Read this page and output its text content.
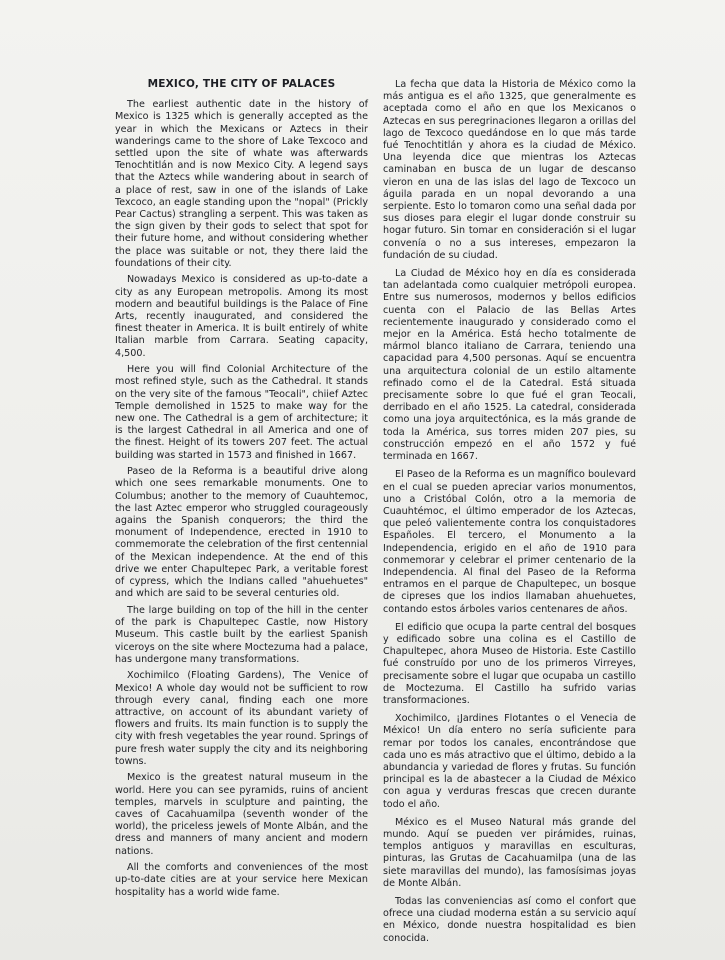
MEXICO, THE CITY OF PALACES

The earliest authentic date in the history of Mexico is 1325 which is generally accepted as the year in which the Mexicans or Aztecs in their wanderings came to the shore of Lake Texcoco and settled upon the site of whate was afterwards Tenochtitlán and is now Mexico City. A legend says that the Aztecs while wandering about in search of a place of rest, saw in one of the islands of Lake Texcoco, an eagle standing upon the "nopal" (Prickly Pear Cactus) strangling a serpent. This was taken as the sign given by their gods to select that spot for their future home, and without considering whether the place was suitable or not, they there laid the foundations of their city.

Nowadays Mexico is considered as up-to-date a city as any European metropolis. Among its most modern and beautiful buildings is the Palace of Fine Arts, recently inaugurated, and considered the finest theater in America. It is built entirely of white Italian marble from Carrara. Seating capacity, 4,500.

Here you will find Colonial Architecture of the most refined style, such as the Cathedral. It stands on the very site of the famous "Teocali", chiief Aztec Temple demolished in 1525 to make way for the new one. The Cathedral is a gem of architecture; it is the largest Cathedral in all America and one of the finest. Height of its towers 207 feet. The actual building was started in 1573 and finished in 1667.

Paseo de la Reforma is a beautiful drive along which one sees remarkable monuments. One to Columbus; another to the memory of Cuauhtemoc, the last Aztec emperor who struggled courageously agains the Spanish conquerors; the third the monument of Independence, erected in 1910 to commemorate the celebration of the first centennial of the Mexican independence. At the end of this drive we enter Chapultepec Park, a veritable forest of cypress, which the Indians called "ahuehuetes" and which are said to be several centuries old.

The large building on top of the hill in the center of the park is Chapultepec Castle, now History Museum. This castle built by the earliest Spanish viceroys on the site where Moctezuma had a palace, has undergone many transformations.

Xochimilco (Floating Gardens), The Venice of Mexico! A whole day would not be sufficient to row through every canal, finding each one more attractive, on account of its abundant variety of flowers and fruits. Its main function is to supply the city with fresh vegetables the year round. Springs of pure fresh water supply the city and its neighboring towns.

Mexico is the greatest natural museum in the world. Here you can see pyramids, ruins of ancient temples, marvels in sculpture and painting, the caves of Cacahuamilpa (seventh wonder of the world), the priceless jewels of Monte Albán, and the dress and manners of many ancient and modern nations.

All the comforts and conveniences of the most up-to-date cities are at your service here Mexican hospitality has a world wide fame.

La fecha que data la Historia de México como la más antigua es el año 1325, que generalmente es aceptada como el año en que los Mexicanos o Aztecas en sus peregrinaciones llegaron a orillas del lago de Texcoco quedándose en lo que más tarde fué Tenochtitlán y ahora es la ciudad de México. Una leyenda dice que mientras los Aztecas caminaban en busca de un lugar de descanso vieron en una de las islas del lago de Texcoco un águila parada en un nopal devorando a una serpiente. Esto lo tomaron como una señal dada por sus dioses para elegir el lugar donde construir su hogar futuro. Sin tomar en consideración si el lugar convenía o no a sus intereses, empezaron la fundación de su ciudad.

La Ciudad de México hoy en día es considerada tan adelantada como cualquier metrópoli europea. Entre sus numerosos, modernos y bellos edificios cuenta con el Palacio de las Bellas Artes recientemente inaugurado y considerado como el mejor en la América. Está hecho totalmente de mármol blanco italiano de Carrara, teniendo una capacidad para 4,500 personas. Aquí se encuentra una arquitectura colonial de un estilo altamente refinado como el de la Catedral. Está situada precisamente sobre lo que fué el gran Teocali, derribado en el año 1525. La catedral, considerada como una joya arquitectónica, es la más grande de toda la América, sus torres miden 207 pies, su construcción empezó en el año 1572 y fué terminada en 1667.

El Paseo de la Reforma es un magnífico boulevard en el cual se pueden apreciar varios monumentos, uno a Cristóbal Colón, otro a la memoria de Cuauhtémoc, el último emperador de los Aztecas, que peleó valientemente contra los conquistadores Españoles. El tercero, el Monumento a la Independencia, erigido en el año de 1910 para conmemorar y celebrar el primer centenario de la Independencia. Al final del Paseo de la Reforma entramos en el parque de Chapultepec, un bosque de cipreses que los indios llamaban ahuehuetes, contando estos árboles varios centenares de años.

El edificio que ocupa la parte central del bosques y edificado sobre una colina es el Castillo de Chapultepec, ahora Museo de Historia. Este Castillo fué construído por uno de los primeros Virreyes, precisamente sobre el lugar que ocupaba un castillo de Moctezuma. El Castillo ha sufrido varias transformaciones.

Xochimilco, ¡Jardines Flotantes o el Venecia de México! Un día entero no sería suficiente para remar por todos los canales, encontrándose que cada uno es más atractivo que el último, debido a la abundancia y variedad de flores y frutas. Su función principal es la de abastecer a la Ciudad de México con agua y verduras frescas que crecen durante todo el año.

México es el Museo Natural más grande del mundo. Aquí se pueden ver pirámides, ruinas, templos antiguos y maravillas en esculturas, pinturas, las Grutas de Cacahuamilpa (una de las siete maravillas del mundo), las famosísimas joyas de Monte Albán.

Todas las conveniencias así como el confort que ofrece una ciudad moderna están a su servicio aquí en México, donde nuestra hospitalidad es bien conocida.
